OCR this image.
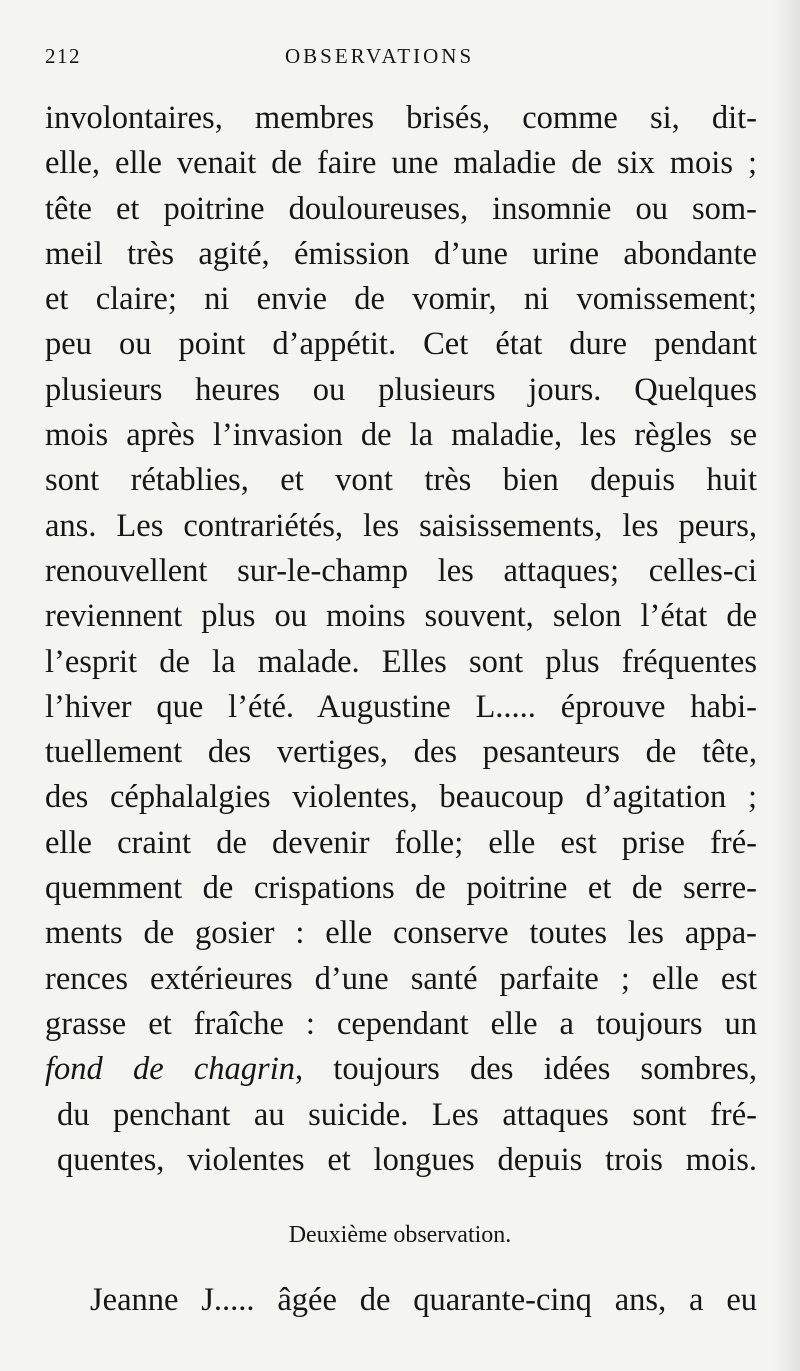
212	OBSERVATIONS
involontaires, membres brisés, comme si, dit-
elle, elle venait de faire une maladie de six mois ;
tête et poitrine douloureuses, insomnie ou som-
meil très agité, émission d’une urine abondante
et claire; ni envie de vomir, ni vomissement;
peu ou point d’appétit. Cet état dure pendant
plusieurs heures ou plusieurs jours. Quelques
mois après l’invasion de la maladie, les règles se
sont rétablies, et vont très bien depuis huit
ans. Les contrariétés, les saisissements, les peurs,
renouvellent sur-le-champ les attaques; celles-ci
reviennent plus ou moins souvent, selon l’état de
l’esprit de la malade. Elles sont plus fréquentes
l’hiver que l’été. Augustine L..... éprouve habi-
tuellement des vertiges, des pesanteurs de tête,
des céphalalgies violentes, beaucoup d’agitation ;
elle craint de devenir folle; elle est prise fré-
quemment de crispations de poitrine et de serre-
ments de gosier : elle conserve toutes les appa-
rences extérieures d’une santé parfaite ; elle est
grasse et fraîche : cependant elle a toujours un
fond de chagrin, toujours des idées sombres,
du penchant au suicide. Les attaques sont fré-
quentes, violentes et longues depuis trois mois.
Deuxième observation.
Jeanne J..... âgée de quarante-cinq ans, a eu
